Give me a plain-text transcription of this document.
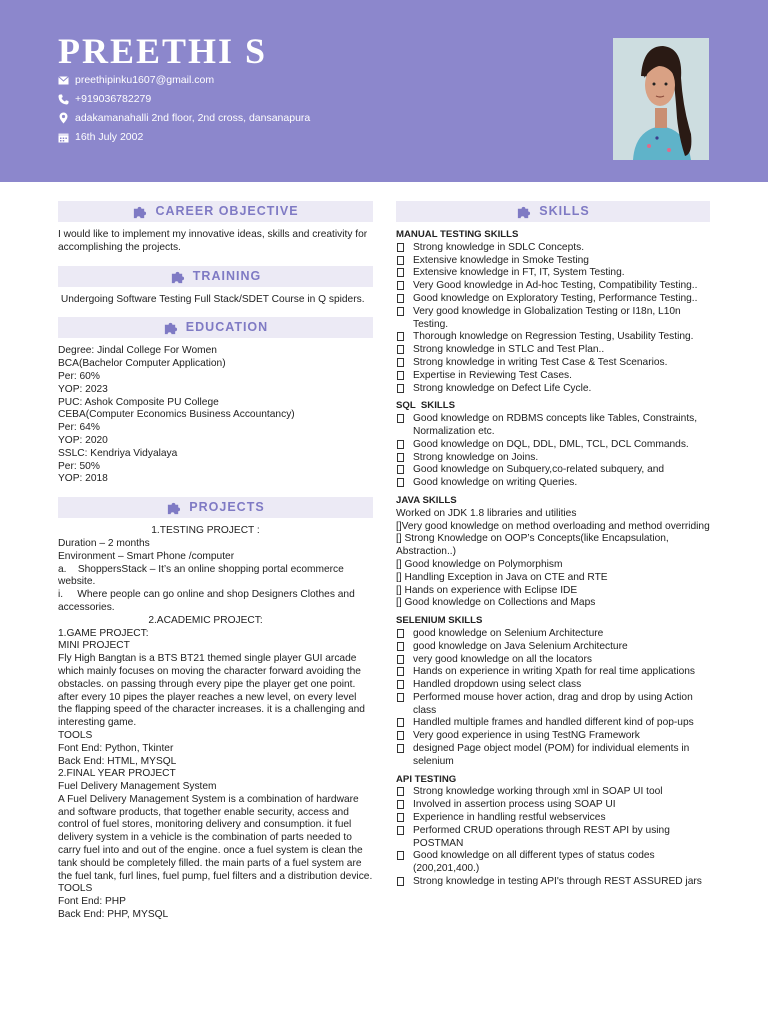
PREETHI S
preethipinku1607@gmail.com
+919036782279
adakamanahalli 2nd floor, 2nd cross, dansanapura
16th July 2002
CAREER OBJECTIVE

I would like to implement my innovative ideas, skills and creativity for accomplishing the projects.

TRAINING

Undergoing Software Testing Full Stack/SDET Course in Q spiders.

EDUCATION

Degree: Jindal College For Women

BCA(Bachelor Computer Application)

Per: 60%

YOP: 2023

PUC: Ashok Composite PU College

CEBA(Computer Economics Business Accountancy)

Per: 64%

YOP: 2020

SSLC: Kendriya Vidyalaya

Per: 50%

YOP: 2018

PROJECTS

1.TESTING PROJECT :

Duration – 2 months

Environment – Smart Phone /computer

a.    ShoppersStack – It’s an online shopping portal ecommerce website.

i.     Where people can go online and shop Designers Clothes and accessories.

2.ACADEMIC PROJECT:

1.GAME PROJECT:

MINI PROJECT

Fly High Bangtan is a BTS BT21 themed single player GUI arcade which mainly focuses on moving the character forward avoiding the obstacles. on passing through every pipe the player get one point. after every 10 pipes the player reaches a new level, on every level the flapping speed of the character increases. it is a challenging and interesting game.

TOOLS

Font End: Python, Tkinter

Back End: HTML, MYSQL

2.FINAL YEAR PROJECT

Fuel Delivery Management System

A Fuel Delivery Management System is a combination of hardware and software products, that together enable security, access and control of fuel stores, monitoring delivery and consumption. it fuel delivery system in a vehicle is the combination of parts needed to carry fuel into and out of the engine. once a fuel system is clean the tank should be completely filled. the main parts of a fuel system are the fuel tank, furl lines, fuel pump, fuel filters and a distribution device.

TOOLS

Font End: PHP

Back End: PHP, MYSQL

SKILLS

MANUAL TESTING SKILLS

Strong knowledge in SDLC Concepts.
Extensive knowledge in Smoke Testing
Extensive knowledge in FT, IT, System Testing.
Very Good knowledge in Ad-hoc Testing, Compatibility Testing..
Good knowledge on Exploratory Testing, Performance Testing..
Very good knowledge in Globalization Testing or I18n, L10n Testing.
Thorough knowledge on Regression Testing, Usability Testing.
Strong knowledge in STLC and Test Plan..
Strong knowledge in writing Test Case & Test Scenarios.
Expertise in Reviewing Test Cases.
Strong knowledge on Defect Life Cycle.

SQL  SKILLS

Good knowledge on RDBMS concepts like Tables, Constraints, Normalization etc.
Good knowledge on DQL, DDL, DML, TCL, DCL Commands.
Strong knowledge on Joins.
Good knowledge on Subquery,co-related subquery, and
Good knowledge on writing Queries.

JAVA SKILLS

Worked on JDK 1.8 libraries and utilities

[]Very good knowledge on method overloading and method overriding

[] Strong Knowledge on OOP’s Concepts(like Encapsulation, Abstraction..)

[] Good knowledge on Polymorphism

[] Handling Exception in Java on CTE and RTE

[] Hands on experience with Eclipse IDE

[] Good knowledge on Collections and Maps

SELENIUM SKILLS

good knowledge on Selenium Architecture
good knowledge on Java Selenium Architecture
very good knowledge on all the locators
Hands on experience in writing Xpath for real time applications
Handled dropdown using select class
Performed mouse hover action, drag and drop by using Action class
Handled multiple frames and handled different kind of pop-ups
Very good experience in using TestNG Framework
designed Page object model (POM) for individual elements in selenium

API TESTING

Strong knowledge working through xml in SOAP UI tool
Involved in assertion process using SOAP UI
Experience in handling restful webservices
Performed CRUD operations through REST API by using POSTMAN
Good knowledge on all different types of status codes (200,201,400.)
Strong knowledge in testing API's through REST ASSURED jars
